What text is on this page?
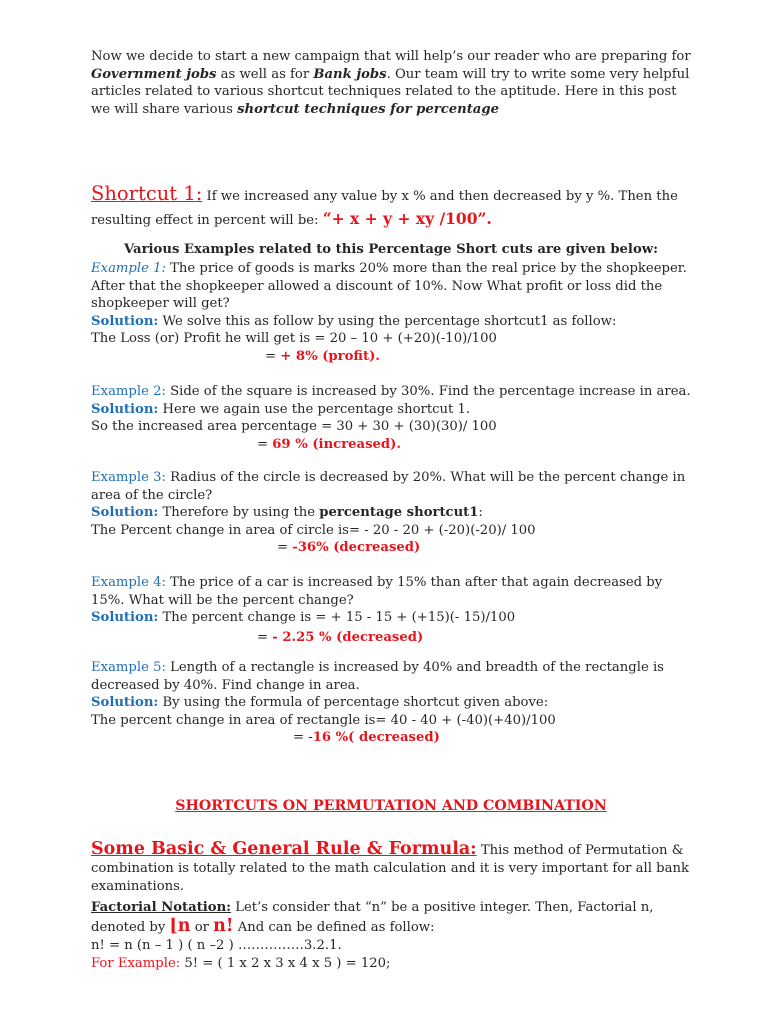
Now we decide to start a new campaign that will help’s our reader who are preparing for Government jobs as well as for Bank jobs. Our team will try to write some very helpful articles related to various shortcut techniques related to the aptitude. Here in this post we will share various shortcut techniques for percentage
Shortcut 1: If we increased any value by x % and then decreased by y %. Then the resulting effect in percent will be: “+ x + y + xy /100”.
Various Examples related to this Percentage Short cuts are given below:
Example 1: The price of goods is marks 20% more than the real price by the shopkeeper. After that the shopkeeper allowed a discount of 10%. Now What profit or loss did the shopkeeper will get?
Solution: We solve this as follow by using the percentage shortcut1 as follow:
The Loss (or) Profit he will get is = 20 – 10 + (+20)(-10)/100
= + 8% (profit).
Example 2: Side of the square is increased by 30%. Find the percentage increase in area.
Solution: Here we again use the percentage shortcut 1.
So the increased area percentage = 30 + 30 + (30)(30)/ 100
= 69 % (increased).
Example 3: Radius of the circle is decreased by 20%. What will be the percent change in area of the circle?
Solution: Therefore by using the percentage shortcut1:
The Percent change in area of circle is= - 20 - 20 + (-20)(-20)/ 100
= -36% (decreased)
Example 4: The price of a car is increased by 15% than after that again decreased by 15%. What will be the percent change?
Solution: The percent change is = + 15 - 15 + (+15)(- 15)/100
= - 2.25 % (decreased)
Example 5: Length of a rectangle is increased by 40% and breadth of the rectangle is decreased by 40%. Find change in area.
Solution: By using the formula of percentage shortcut given above:
The percent change in area of rectangle is= 40 - 40 + (-40)(+40)/100
= -16 %( decreased)
SHORTCUTS ON PERMUTATION AND COMBINATION
Some Basic & General Rule & Formula: This method of Permutation & combination is totally related to the math calculation and it is very important for all bank examinations.
Factorial Notation: Let’s consider that “n” be a positive integer. Then, Factorial n, denoted by ⌊n or n! And can be defined as follow:
n! = n (n – 1 ) ( n –2 ) ……………3.2.1.
For Example: 5! = ( 1 x 2 x 3 x 4 x 5 ) = 120;
